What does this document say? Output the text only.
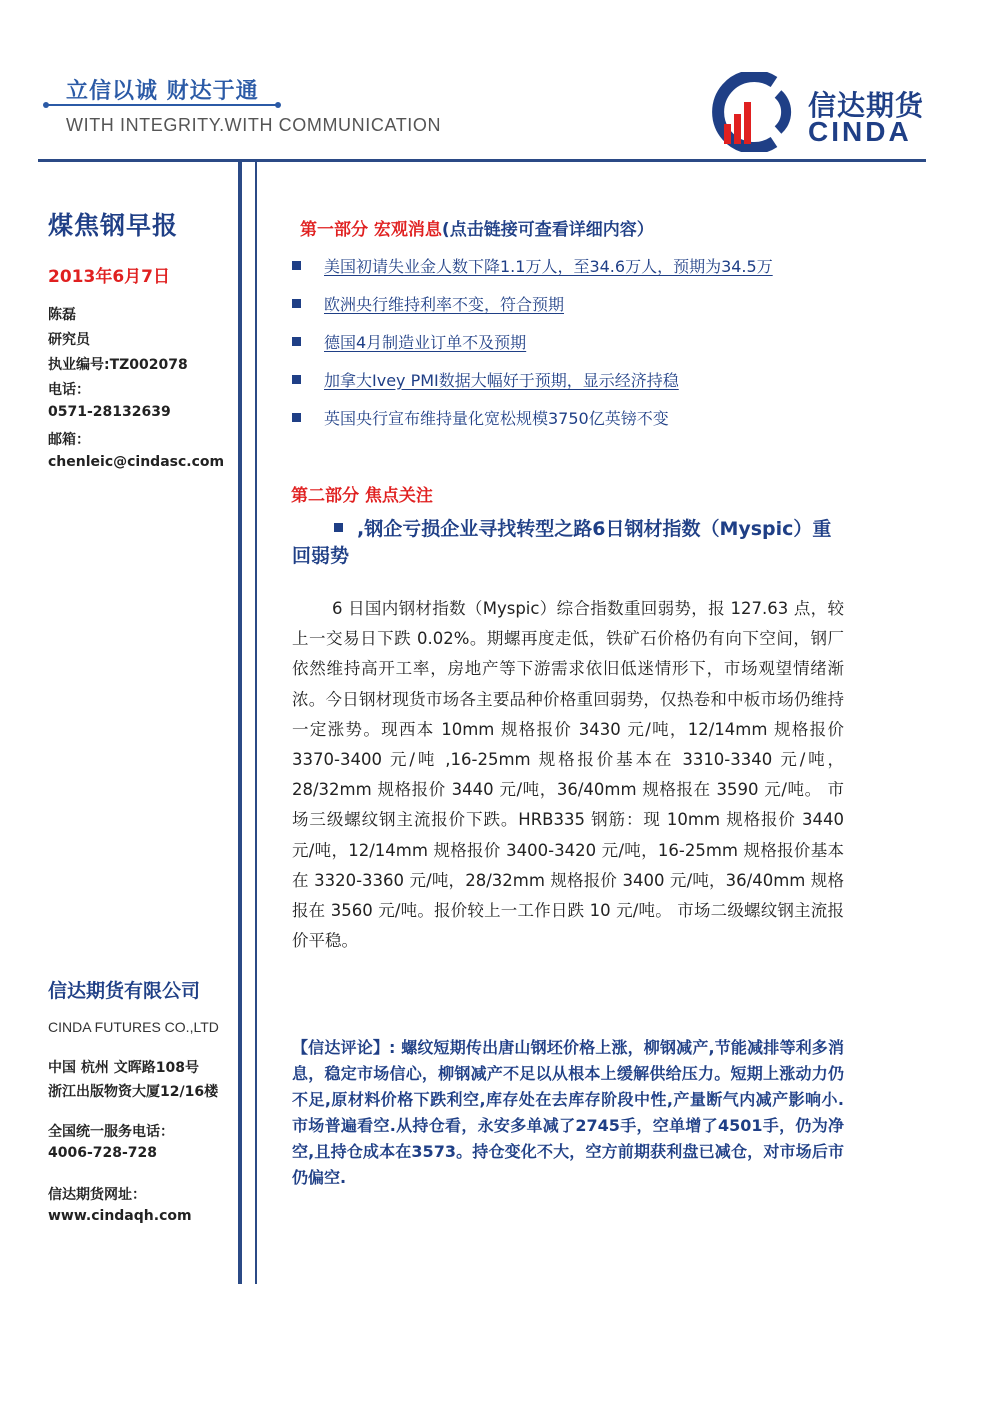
立信以诚 财达于通
WITH INTEGRITY.WITH COMMUNICATION
信达期货
CINDA
煤焦钢早报
2013年6月7日
陈磊
研究员
执业编号:TZ002078
电话：
0571-28132639
邮箱：
chenleic@cindasc.com
信达期货有限公司
CINDA FUTURES CO.,LTD
中国 杭州 文晖路108号
浙江出版物资大厦12/16楼
全国统一服务电话：
4006-728-728
信达期货网址：
www.cindaqh.com
第一部分 宏观消息(点击链接可查看详细内容）
美国初请失业金人数下降1.1万人，至34.6万人，预期为34.5万
欧洲央行维持利率不变，符合预期
德国4月制造业订单不及预期
加拿大Ivey PMI数据大幅好于预期，显示经济持稳
英国央行宣布维持量化宽松规模3750亿英镑不变
第二部分 焦点关注
,钢企亏损企业寻找转型之路6日钢材指数（Myspic）重回弱势
6 日国内钢材指数（Myspic）综合指数重回弱势，报 127.63 点，较上一交易日下跌 0.02%。期螺再度走低，铁矿石价格仍有向下空间，钢厂依然维持高开工率，房地产等下游需求依旧低迷情形下，市场观望情绪渐浓。今日钢材现货市场各主要品种价格重回弱势，仅热卷和中板市场仍维持一定涨势。现西本 10mm 规格报价 3430 元/吨，12/14mm 规格报价 3370-3400 元/吨 ,16-25mm 规格报价基本在 3310-3340 元/吨，28/32mm 规格报价 3440 元/吨，36/40mm 规格报在 3590 元/吨。 市场三级螺纹钢主流报价下跌。HRB335 钢筋：现 10mm 规格报价 3440 元/吨，12/14mm 规格报价 3400-3420 元/吨，16-25mm 规格报价基本在 3320-3360 元/吨，28/32mm 规格报价 3400 元/吨，36/40mm 规格报在 3560 元/吨。报价较上一工作日跌 10 元/吨。 市场二级螺纹钢主流报价平稳。
【信达评论】: 螺纹短期传出唐山钢坯价格上涨，柳钢减产,节能减排等利多消息，稳定市场信心，柳钢减产不足以从根本上缓解供给压力。短期上涨动力仍不足,原材料价格下跌利空,库存处在去库存阶段中性,产量断气内减产影响小.市场普遍看空.从持仓看，永安多单减了2745手，空单增了4501手，仍为净空,且持仓成本在3573。持仓变化不大，空方前期获利盘已减仓，对市场后市仍偏空.
